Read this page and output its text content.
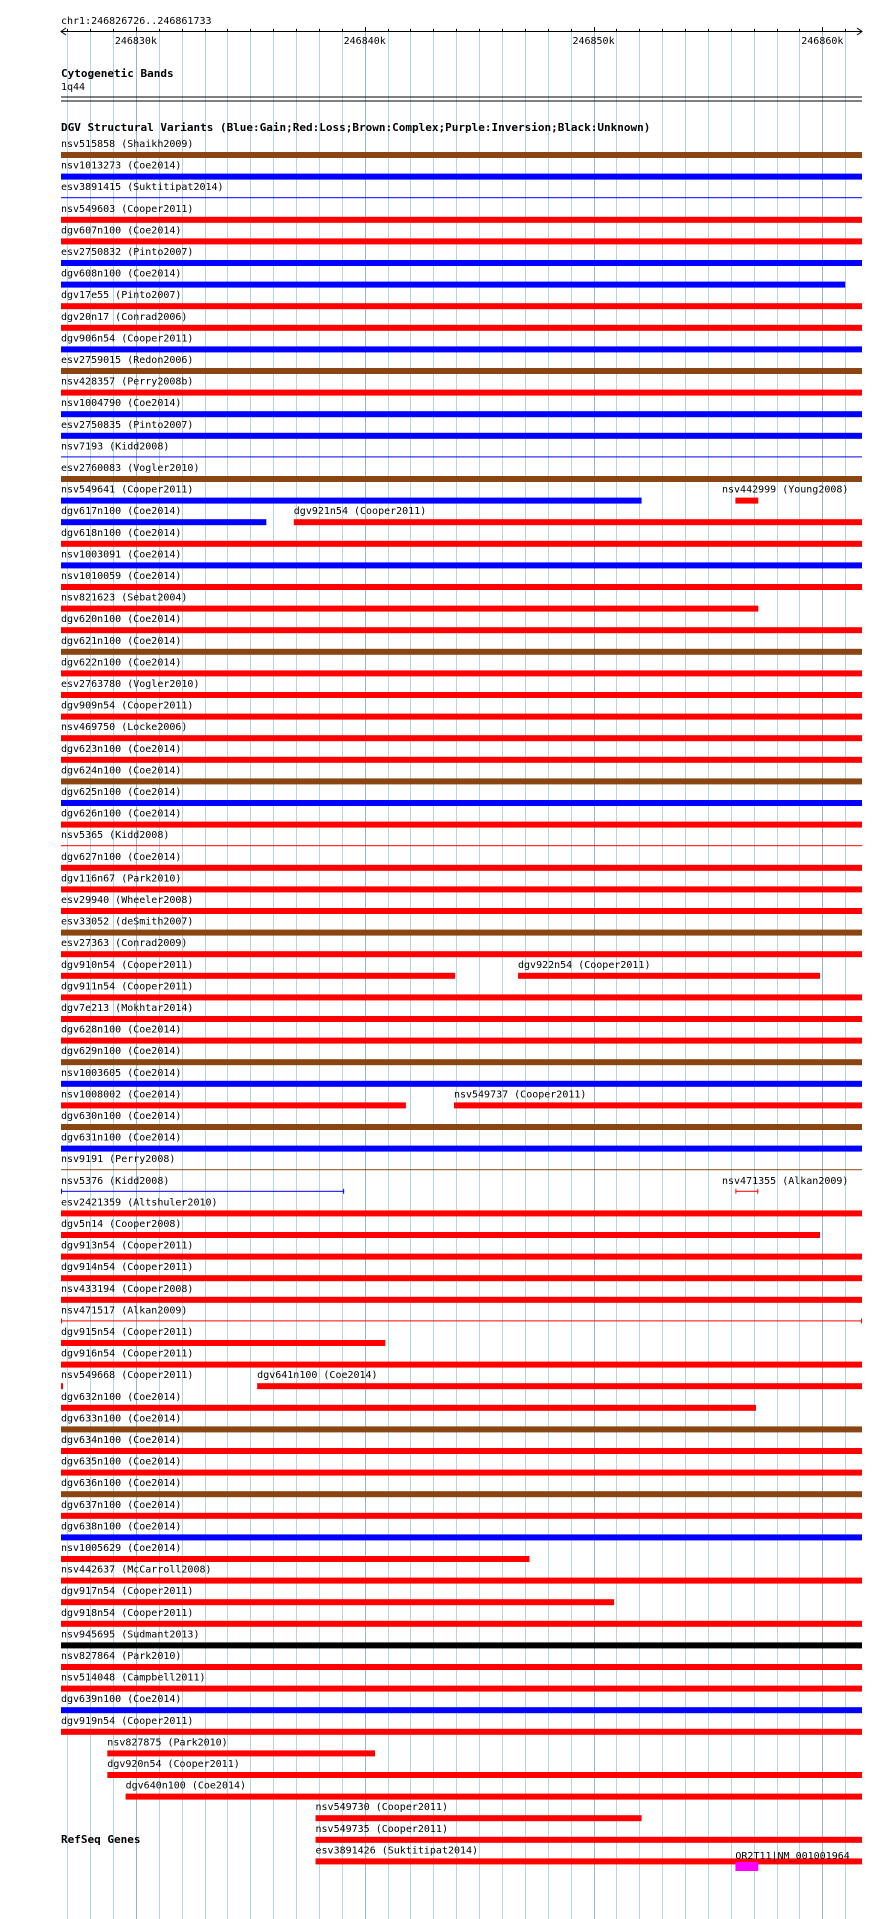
chr1:246826726..246861733
246830k	246840k	246850k	246860k
Cytogenetic Bands
1q44
DGV Structural Variants (Blue:Gain;Red:Loss;Brown:Complex;Purple:Inversion;Black:Unknown)
nsv515858 (Shaikh2009)
nsv1013273 (Coe2014)
esv3891415 (Suktitipat2014)
nsv549603 (Cooper2011)
dgv607n100 (Coe2014)
esv2750832 (Pinto2007)
dgv608n100 (Coe2014)
dgv17e55 (Pinto2007)
dgv20n17 (Conrad2006)
dgv906n54 (Cooper2011)
esv2759015 (Redon2006)
nsv428357 (Perry2008b)
nsv1004790 (Coe2014)
esv2750835 (Pinto2007)
nsv7193 (Kidd2008)
esv2760083 (Vogler2010)
nsv549641 (Cooper2011)	nsv442999 (Young2008)
dgv617n100 (Coe2014)	dgv921n54 (Cooper2011)
dgv618n100 (Coe2014)
nsv1003091 (Coe2014)
nsv1010059 (Coe2014)
nsv821623 (Sebat2004)
dgv620n100 (Coe2014)
dgv621n100 (Coe2014)
dgv622n100 (Coe2014)
esv2763780 (Vogler2010)
dgv909n54 (Cooper2011)
nsv469750 (Locke2006)
dgv623n100 (Coe2014)
dgv624n100 (Coe2014)
dgv625n100 (Coe2014)
dgv626n100 (Coe2014)
nsv5365 (Kidd2008)
dgv627n100 (Coe2014)
dgv116n67 (Park2010)
esv29940 (Wheeler2008)
esv33052 (deSmith2007)
esv27363 (Conrad2009)
dgv910n54 (Cooper2011)	dgv922n54 (Cooper2011)
dgv911n54 (Cooper2011)
dgv7e213 (Mokhtar2014)
dgv628n100 (Coe2014)
dgv629n100 (Coe2014)
nsv1003605 (Coe2014)
nsv1008002 (Coe2014)	nsv549737 (Cooper2011)
dgv630n100 (Coe2014)
dgv631n100 (Coe2014)
nsv9191 (Perry2008)
nsv5376 (Kidd2008)	nsv471355 (Alkan2009)
esv2421359 (Altshuler2010)
dgv5n14 (Cooper2008)
dgv913n54 (Cooper2011)
dgv914n54 (Cooper2011)
nsv433194 (Cooper2008)
nsv471517 (Alkan2009)
dgv915n54 (Cooper2011)
dgv916n54 (Cooper2011)
nsv549668 (Cooper2011)	dgv641n100 (Coe2014)
dgv632n100 (Coe2014)
dgv633n100 (Coe2014)
dgv634n100 (Coe2014)
dgv635n100 (Coe2014)
dgv636n100 (Coe2014)
dgv637n100 (Coe2014)
dgv638n100 (Coe2014)
nsv1005629 (Coe2014)
nsv442637 (McCarroll2008)
dgv917n54 (Cooper2011)
dgv918n54 (Cooper2011)
nsv945695 (Sudmant2013)
nsv827864 (Park2010)
nsv514048 (Campbell2011)
dgv639n100 (Coe2014)
dgv919n54 (Cooper2011)
nsv827875 (Park2010)
dgv920n54 (Cooper2011)
dgv640n100 (Coe2014)
nsv549730 (Cooper2011)
nsv549735 (Cooper2011)
esv3891426 (Suktitipat2014)
RefSeq Genes
OR2T11|NM_001001964
